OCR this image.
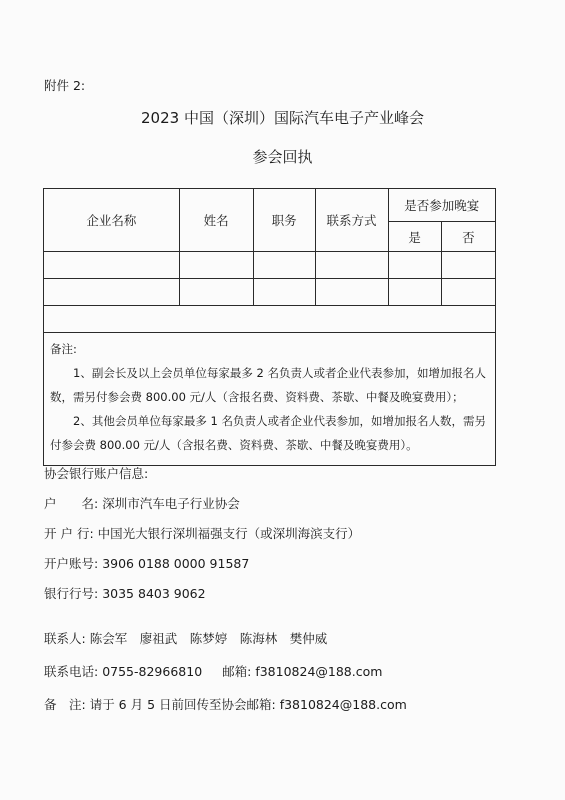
附件 2:
2023 中国（深圳）国际汽车电子产业峰会
参会回执
企业名称	姓名	职务	联系方式	是否参加晚宴	
				是	否

备注:

1、副会长及以上会员单位每家最多 2 名负责人或者企业代表参加，如增加报名人数，需另付参会费 800.00 元/人（含报名费、资料费、茶歇、中餐及晚宴费用）；

2、其他会员单位每家最多 1 名负责人或者企业代表参加，如增加报名人数，需另付参会费 800.00 元/人（含报名费、资料费、茶歇、中餐及晚宴费用）。					

协会银行账户信息:
户　　名: 深圳市汽车电子行业协会
开 户 行: 中国光大银行深圳福强支行（或深圳海滨支行）
开户账号: 3906 0188 0000 91587
银行行号: 3035 8403 9062
联系人: 陈会军　廖祖武　陈梦婷　陈海林　樊仲威
联系电话: 0755-82966810 邮箱: f3810824@188.com
备　注: 请于 6 月 5 日前回传至协会邮箱: f3810824@188.com
